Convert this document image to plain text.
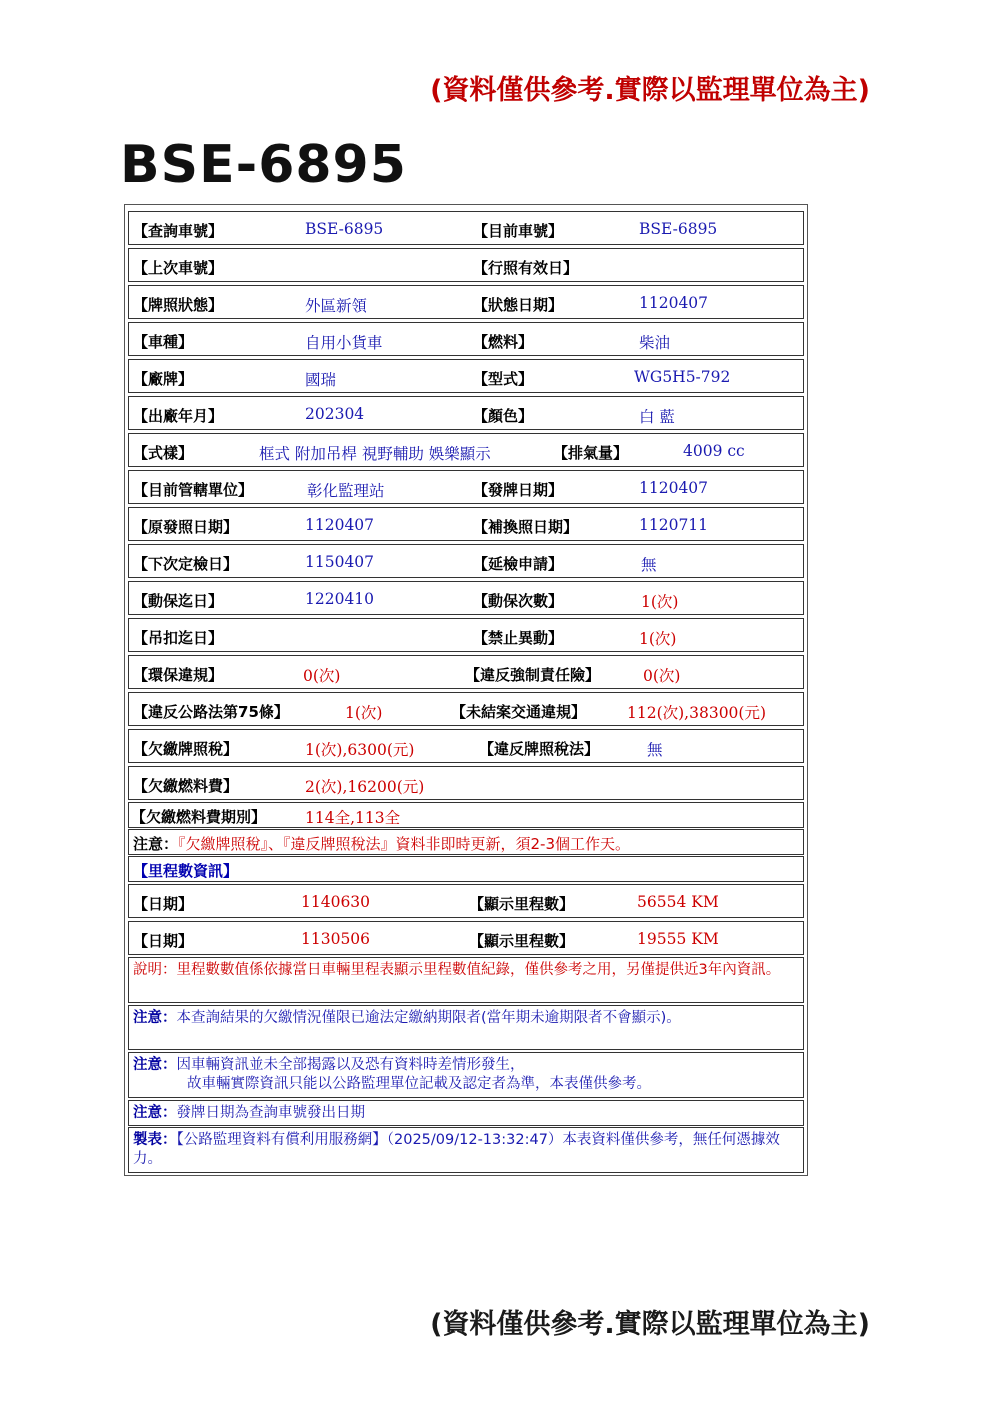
(資料僅供參考.實際以監理單位為主)
BSE-6895
【查詢車號】	BSE-6895	【目前車號】	BSE-6895
【上次車號】	【行照有效日】
【牌照狀態】	外區新領	【狀態日期】	1120407
【車種】	自用小貨車	【燃料】	柴油
【廠牌】	國瑞	【型式】	WG5H5-792
【出廠年月】	202304	【顏色】	白 藍
【式樣】	框式 附加吊桿 視野輔助 娛樂顯示	【排氣量】	4009 cc
【目前管轄單位】	彰化監理站	【發牌日期】	1120407
【原發照日期】	1120407	【補換照日期】	1120711
【下次定檢日】	1150407	【延檢申請】	無
【動保迄日】	1220410	【動保次數】	1(次)
【吊扣迄日】	【禁止異動】	1(次)
【環保違規】	0(次)	【違反強制責任險】	0(次)
【違反公路法第75條】	1(次)	【未結案交通違規】	112(次),38300(元)
【欠繳牌照稅】	1(次),6300(元)	【違反牌照稅法】	無
【欠繳燃料費】	2(次),16200(元)
【欠繳燃料費期別】	114全,113全
注意：『欠繳牌照稅』、『違反牌照稅法』資料非即時更新，須2-3個工作天。
【里程數資訊】
【日期】	1140630	【顯示里程數】	56554 KM
【日期】	1130506	【顯示里程數】	19555 KM
說明：里程數數值係依據當日車輛里程表顯示里程數值紀錄，僅供參考之用，另僅提供近3年內資訊。
注意：本查詢結果的欠繳情況僅限已逾法定繳納期限者(當年期未逾期限者不會顯示)。
注意：因車輛資訊並未全部揭露以及恐有資料時差情形發生，
故車輛實際資訊只能以公路監理單位記載及認定者為準，本表僅供參考。
注意：發牌日期為查詢車號發出日期
製表：【公路監理資料有償利用服務網】（2025/09/12-13:32:47）本表資料僅供參考，無任何憑據效力。
(資料僅供參考.實際以監理單位為主)
